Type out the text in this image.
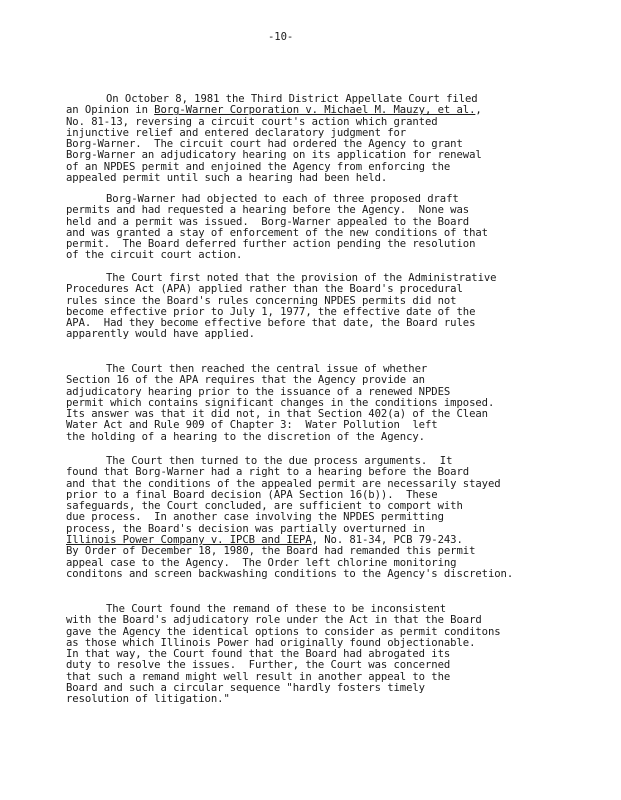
-10-

On October 8, 1981 the Third District Appellate Court filed
an Opinion in Borg-Warner Corporation v. Michael M. Mauzy, et al.,
No. 81-13, reversing a circuit court's action which granted
injunctive relief and entered declaratory judgment for
Borg-Warner.  The circuit court had ordered the Agency to grant
Borg-Warner an adjudicatory hearing on its application for renewal
of an NPDES permit and enjoined the Agency from enforcing the
appealed permit until such a hearing had been held.

Borg-Warner had objected to each of three proposed draft
permits and had requested a hearing before the Agency.  None was
held and a permit was issued.  Borg-Warner appealed to the Board
and was granted a stay of enforcement of the new conditions of that
permit.  The Board deferred further action pending the resolution
of the circuit court action.

The Court first noted that the provision of the Administrative
Procedures Act (APA) applied rather than the Board's procedural
rules since the Board's rules concerning NPDES permits did not
become effective prior to July 1, 1977, the effective date of the
APA.  Had they become effective before that date, the Board rules
apparently would have applied.

The Court then reached the central issue of whether
Section 16 of the APA requires that the Agency provide an
adjudicatory hearing prior to the issuance of a renewed NPDES
permit which contains significant changes in the conditions imposed.
Its answer was that it did not, in that Section 402(a) of the Clean
Water Act and Rule 909 of Chapter 3:  Water Pollution  left
the holding of a hearing to the discretion of the Agency.

The Court then turned to the due process arguments.  It
found that Borg-Warner had a right to a hearing before the Board
and that the conditions of the appealed permit are necessarily stayed
prior to a final Board decision (APA Section 16(b)).  These
safeguards, the Court concluded, are sufficient to comport with
due process.  In another case involving the NPDES permitting
process, the Board's decision was partially overturned in
Illinois Power Company v. IPCB and IEPA, No. 81-34, PCB 79-243.
By Order of December 18, 1980, the Board had remanded this permit
appeal case to the Agency.  The Order left chlorine monitoring
conditons and screen backwashing conditions to the Agency's discretion.

The Court found the remand of these to be inconsistent
with the Board's adjudicatory role under the Act in that the Board
gave the Agency the identical options to consider as permit conditons
as those which Illinois Power had originally found objectionable.
In that way, the Court found that the Board had abrogated its
duty to resolve the issues.  Further, the Court was concerned
that such a remand might well result in another appeal to the
Board and such a circular sequence "hardly fosters timely
resolution of litigation."
